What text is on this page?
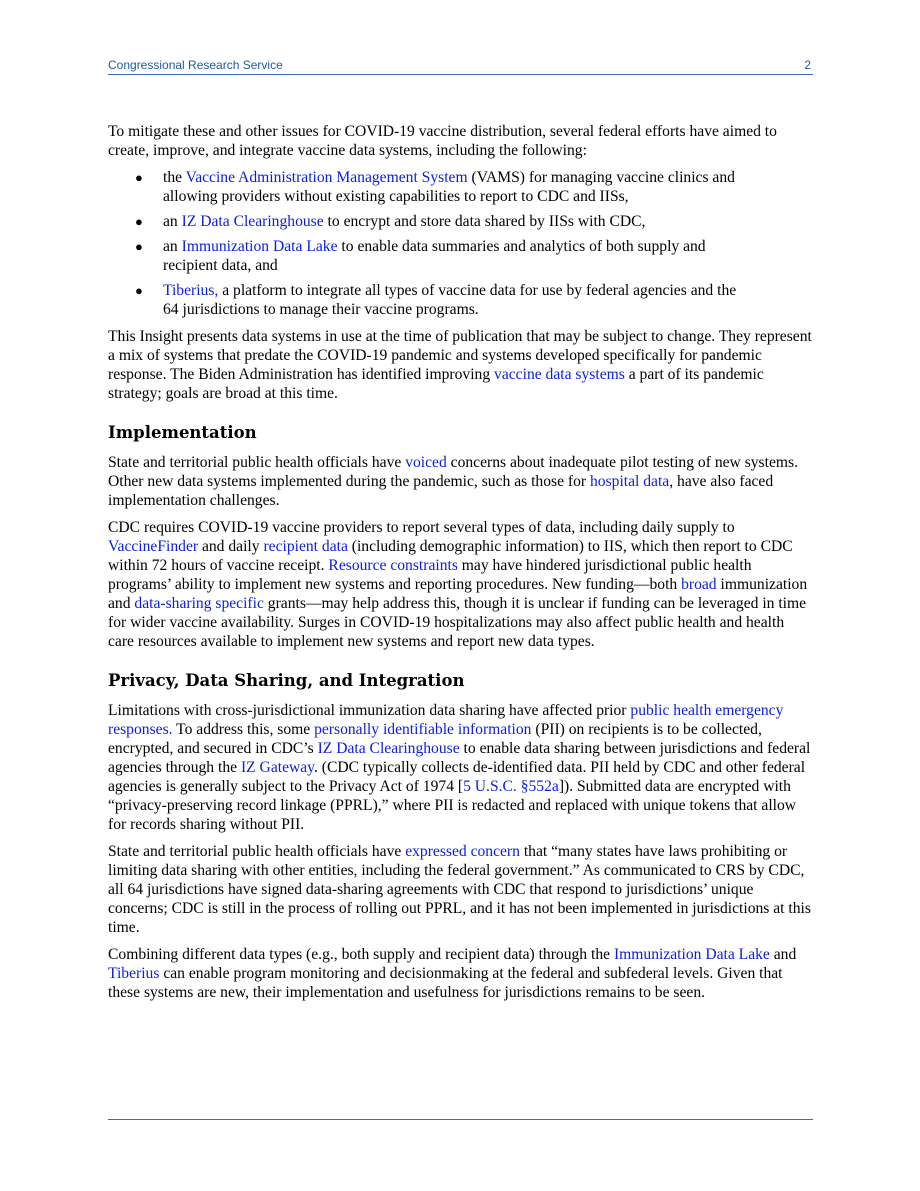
Congressional Research Service	2

To mitigate these and other issues for COVID-19 vaccine distribution, several federal efforts have aimed to create, improve, and integrate vaccine data systems, including the following:

● the Vaccine Administration Management System (VAMS) for managing vaccine clinics and allowing providers without existing capabilities to report to CDC and IISs,
● an IZ Data Clearinghouse to encrypt and store data shared by IISs with CDC,
● an Immunization Data Lake to enable data summaries and analytics of both supply and recipient data, and
● Tiberius, a platform to integrate all types of vaccine data for use by federal agencies and the 64 jurisdictions to manage their vaccine programs.

This Insight presents data systems in use at the time of publication that may be subject to change. They represent a mix of systems that predate the COVID-19 pandemic and systems developed specifically for pandemic response. The Biden Administration has identified improving vaccine data systems a part of its pandemic strategy; goals are broad at this time.

Implementation

State and territorial public health officials have voiced concerns about inadequate pilot testing of new systems. Other new data systems implemented during the pandemic, such as those for hospital data, have also faced implementation challenges.

CDC requires COVID-19 vaccine providers to report several types of data, including daily supply to VaccineFinder and daily recipient data (including demographic information) to IIS, which then report to CDC within 72 hours of vaccine receipt. Resource constraints may have hindered jurisdictional public health programs’ ability to implement new systems and reporting procedures. New funding—both broad immunization and data-sharing specific grants—may help address this, though it is unclear if funding can be leveraged in time for wider vaccine availability. Surges in COVID-19 hospitalizations may also affect public health and health care resources available to implement new systems and report new data types.

Privacy, Data Sharing, and Integration

Limitations with cross-jurisdictional immunization data sharing have affected prior public health emergency responses. To address this, some personally identifiable information (PII) on recipients is to be collected, encrypted, and secured in CDC’s IZ Data Clearinghouse to enable data sharing between jurisdictions and federal agencies through the IZ Gateway. (CDC typically collects de-identified data. PII held by CDC and other federal agencies is generally subject to the Privacy Act of 1974 [5 U.S.C. §552a]). Submitted data are encrypted with “privacy-preserving record linkage (PPRL),” where PII is redacted and replaced with unique tokens that allow for records sharing without PII.

State and territorial public health officials have expressed concern that “many states have laws prohibiting or limiting data sharing with other entities, including the federal government.” As communicated to CRS by CDC, all 64 jurisdictions have signed data-sharing agreements with CDC that respond to jurisdictions’ unique concerns; CDC is still in the process of rolling out PPRL, and it has not been implemented in jurisdictions at this time.

Combining different data types (e.g., both supply and recipient data) through the Immunization Data Lake and Tiberius can enable program monitoring and decisionmaking at the federal and subfederal levels. Given that these systems are new, their implementation and usefulness for jurisdictions remains to be seen.
